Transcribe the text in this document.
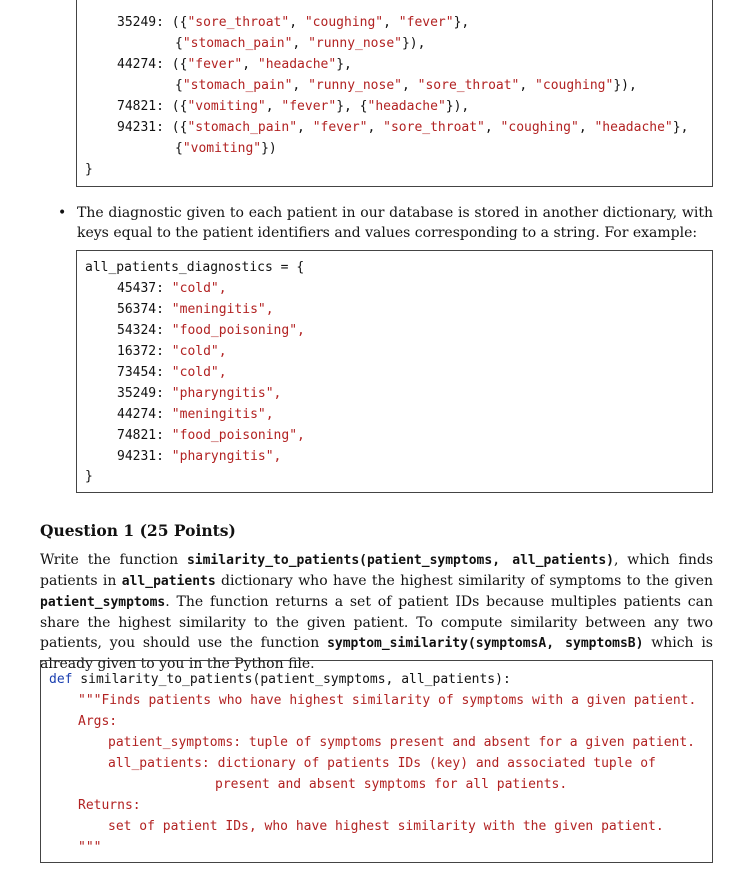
35249: ({"sore_throat", "coughing", "fever"},
{"stomach_pain", "runny_nose"}),
44274: ({"fever", "headache"},
{"stomach_pain", "runny_nose", "sore_throat", "coughing"}),
74821: ({"vomiting", "fever"}, {"headache"}),
94231: ({"stomach_pain", "fever", "sore_throat", "coughing", "headache"},
{"vomiting"})
}
• The diagnostic given to each patient in our database is stored in another dictionary, with keys equal to the patient identifiers and values corresponding to a string. For example:
all_patients_diagnostics = {
45437: "cold",
56374: "meningitis",
54324: "food_poisoning",
16372: "cold",
73454: "cold",
35249: "pharyngitis",
44274: "meningitis",
74821: "food_poisoning",
94231: "pharyngitis",
}
Question 1 (25 Points)
Write the function similarity_to_patients(patient_symptoms, all_patients), which finds patients in all_patients dictionary who have the highest similarity of symptoms to the given patient_symptoms. The function returns a set of patient IDs because multiples patients can share the highest similarity to the given patient. To compute similarity between any two patients, you should use the function symptom_similarity(symptomsA, symptomsB) which is already given to you in the Python file.
def similarity_to_patients(patient_symptoms, all_patients):
"""Finds patients who have highest similarity of symptoms with a given patient.
Args:
patient_symptoms: tuple of symptoms present and absent for a given patient.
all_patients: dictionary of patients IDs (key) and associated tuple of
present and absent symptoms for all patients.
Returns:
set of patient IDs, who have highest similarity with the given patient.
"""
